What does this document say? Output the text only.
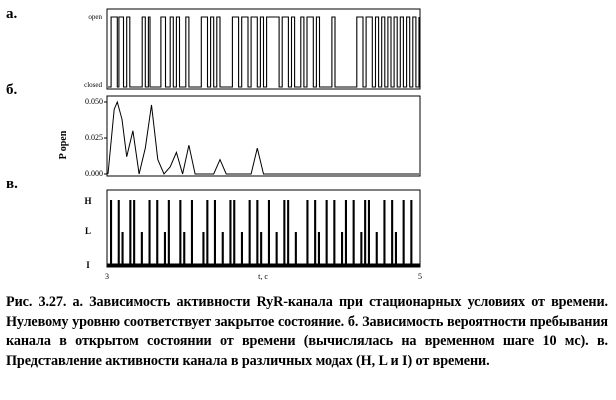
open
closed
0.050
0.025
0.000
P open
H
L
I
3	t, c	5
а.
б.
в.
Рис. 3.27. а. Зависимость активности RyR-канала при стационарных условиях от времени. Нулевому уровню соответствует закрытое состояние. б. Зависимость вероятности пребывания канала в открытом состоянии от времени (вычислялась на временном шаге 10 мс). в. Представление активности канала в различных модах (H, L и I) от времени.
